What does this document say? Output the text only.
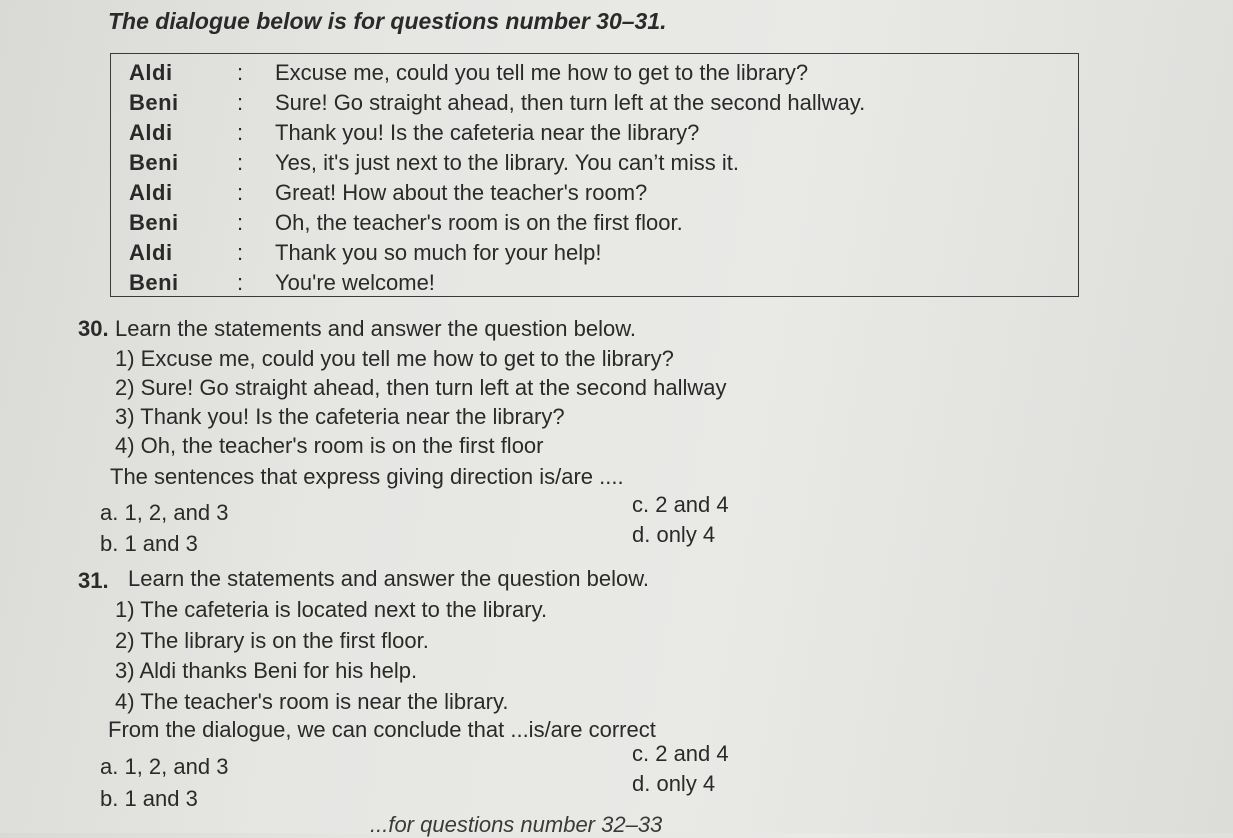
The dialogue below is for questions number 30–31.
Aldi	:	Excuse me, could you tell me how to get to the library?
Beni	:	Sure! Go straight ahead, then turn left at the second hallway.
Aldi	:	Thank you! Is the cafeteria near the library?
Beni	:	Yes, it's just next to the library. You can’t miss it.
Aldi	:	Great! How about the teacher's room?
Beni	:	Oh, the teacher's room is on the first floor.
Aldi	:	Thank you so much for your help!
Beni	:	You're welcome!
30. Learn the statements and answer the question below.
1) Excuse me, could you tell me how to get to the library?
2) Sure! Go straight ahead, then turn left at the second hallway
3) Thank you! Is the cafeteria near the library?
4) Oh, the teacher's room is on the first floor
The sentences that express giving direction is/are ....
a. 1, 2, and 3
b. 1 and 3
c. 2 and 4
d. only 4
31. Learn the statements and answer the question below.
1) The cafeteria is located next to the library.
2) The library is on the first floor.
3) Aldi thanks Beni for his help.
4) The teacher's room is near the library.
From the dialogue, we can conclude that ...is/are correct
a. 1, 2, and 3
b. 1 and 3
c. 2 and 4
d. only 4
...for questions number 32–33
